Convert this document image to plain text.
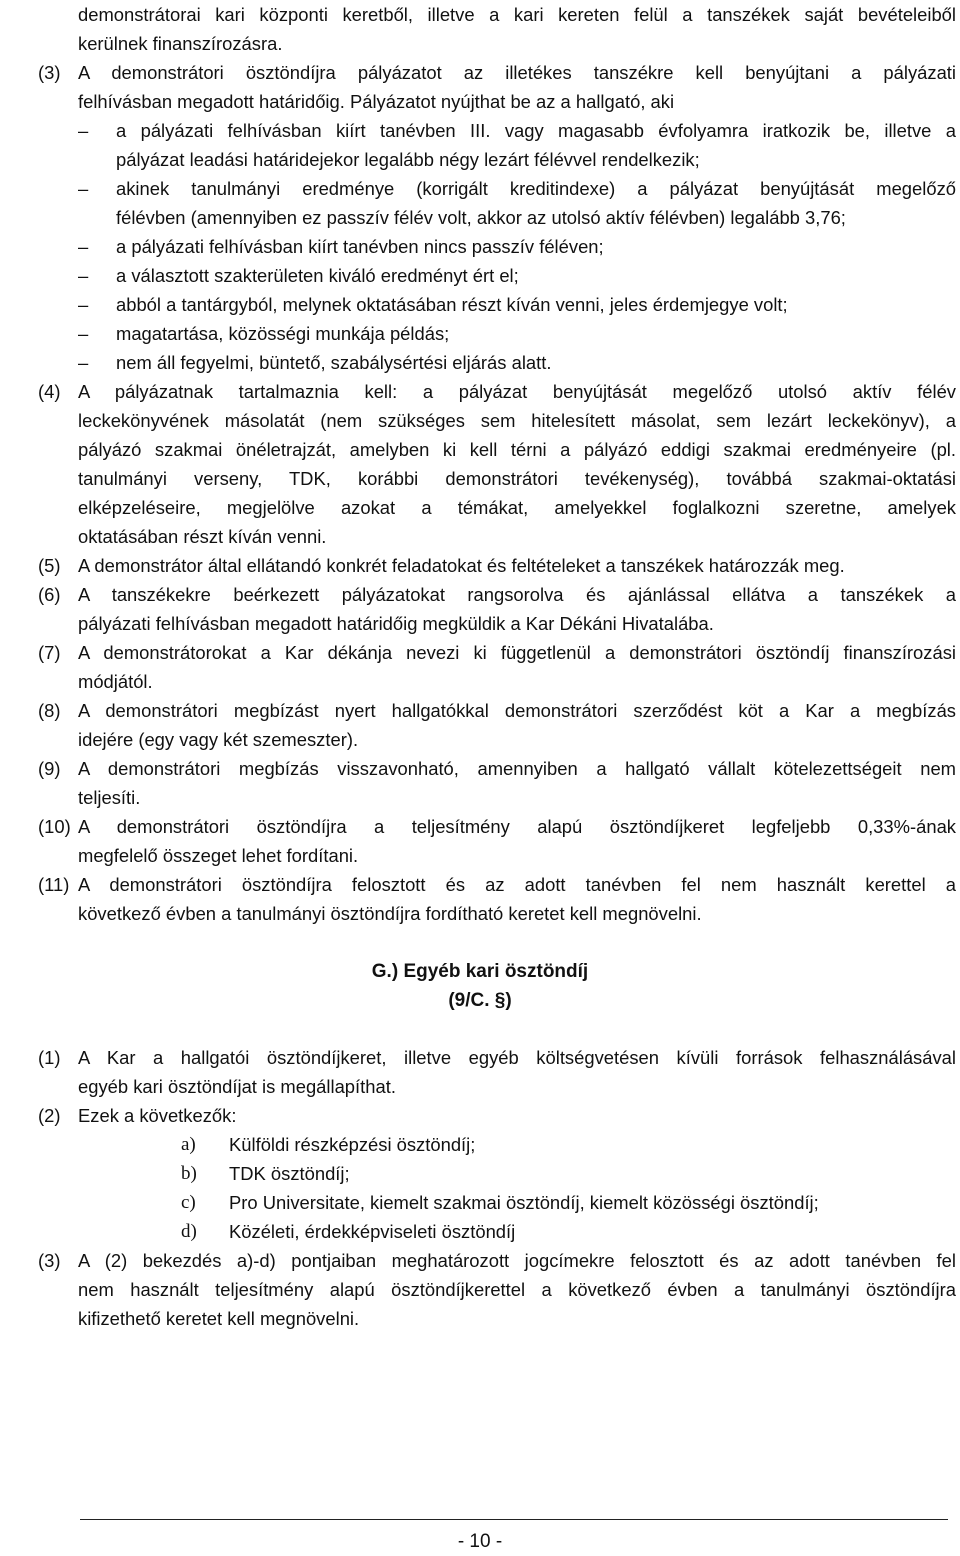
demonstrátorai kari központi keretből, illetve a kari kereten felül a tanszékek saját bevételeiből
kerülnek finanszírozásra.
(3) A demonstrátori ösztöndíjra pályázatot az illetékes tanszékre kell benyújtani a pályázati
felhívásban megadott határidőig. Pályázatot nyújthat be az a hallgató, aki
– a pályázati felhívásban kiírt tanévben III. vagy magasabb évfolyamra iratkozik be, illetve a
pályázat leadási határidejekor legalább négy lezárt félévvel rendelkezik;
– akinek tanulmányi eredménye (korrigált kreditindexe) a pályázat benyújtását megelőző
félévben (amennyiben ez passzív félév volt, akkor az utolsó aktív félévben) legalább 3,76;
– a pályázati felhívásban kiírt tanévben nincs passzív féléven;
– a választott szakterületen kiváló eredményt ért el;
– abból a tantárgyból, melynek oktatásában részt kíván venni, jeles érdemjegye volt;
– magatartása, közösségi munkája példás;
– nem áll fegyelmi, büntető, szabálysértési eljárás alatt.
(4) A pályázatnak tartalmaznia kell: a pályázat benyújtását megelőző utolsó aktív félév
leckekönyvének másolatát (nem szükséges sem hitelesített másolat, sem lezárt leckekönyv), a
pályázó szakmai önéletrajzát, amelyben ki kell térni a pályázó eddigi szakmai eredményeire (pl.
tanulmányi verseny, TDK, korábbi demonstrátori tevékenység), továbbá szakmai-oktatási
elképzeléseire, megjelölve azokat a témákat, amelyekkel foglalkozni szeretne, amelyek
oktatásában részt kíván venni.
(5) A demonstrátor által ellátandó konkrét feladatokat és feltételeket a tanszékek határozzák meg.
(6) A tanszékekre beérkezett pályázatokat rangsorolva és ajánlással ellátva a tanszékek a
pályázati felhívásban megadott határidőig megküldik a Kar Dékáni Hivatalába.
(7) A demonstrátorokat a Kar dékánja nevezi ki függetlenül a demonstrátori ösztöndíj finanszírozási
módjától.
(8) A demonstrátori megbízást nyert hallgatókkal demonstrátori szerződést köt a Kar a megbízás
idejére (egy vagy két szemeszter).
(9) A demonstrátori megbízás visszavonható, amennyiben a hallgató vállalt kötelezettségeit nem
teljesíti.
(10) A demonstrátori ösztöndíjra a teljesítmény alapú ösztöndíjkeret legfeljebb 0,33%-ának
megfelelő összeget lehet fordítani.
(11) A demonstrátori ösztöndíjra felosztott és az adott tanévben fel nem használt kerettel a
következő évben a tanulmányi ösztöndíjra fordítható keretet kell megnövelni.
G.) Egyéb kari ösztöndíj
(9/C. §)
(1) A Kar a hallgatói ösztöndíjkeret, illetve egyéb költségvetésen kívüli források felhasználásával
egyéb kari ösztöndíjat is megállapíthat.
(2) Ezek a következők:
a) Külföldi részképzési ösztöndíj;
b) TDK ösztöndíj;
c) Pro Universitate, kiemelt szakmai ösztöndíj, kiemelt közösségi ösztöndíj;
d) Közéleti, érdekképviseleti ösztöndíj
(3) A (2) bekezdés a)-d) pontjaiban meghatározott jogcímekre felosztott és az adott tanévben fel
nem használt teljesítmény alapú ösztöndíjkerettel a következő évben a tanulmányi ösztöndíjra
kifizethető keretet kell megnövelni.
- 10 -
